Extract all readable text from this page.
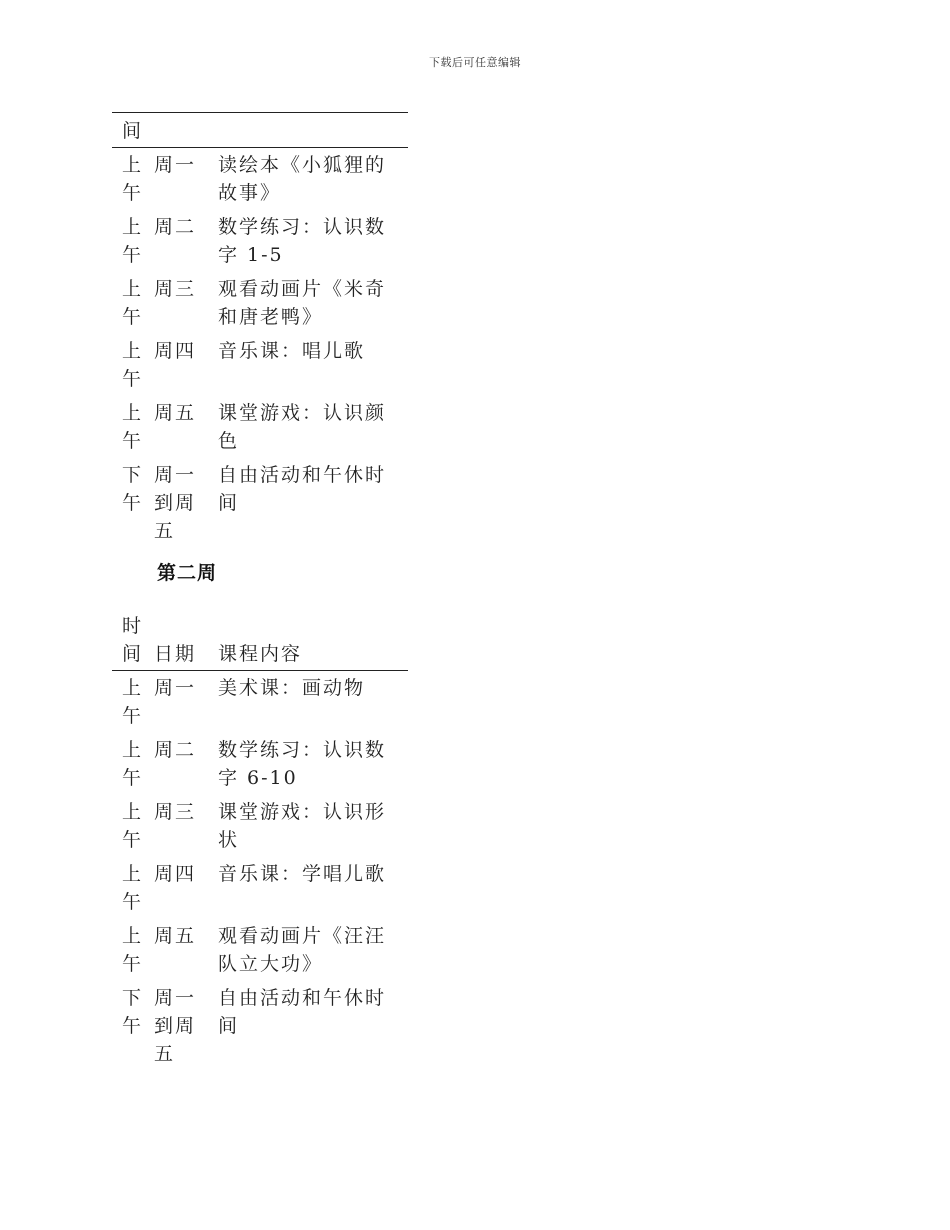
下载后可任意编辑
间		
上午	周一	读绘本《小狐狸的故事》
上午	周二	数学练习：认识数字 1-5
上午	周三	观看动画片《米奇和唐老鸭》
上午	周四	音乐课：唱儿歌
上午	周五	课堂游戏：认识颜色
下午	周一到周五	自由活动和午休时间
第二周
时间	日期	课程内容
上午	周一	美术课：画动物
上午	周二	数学练习：认识数字 6-10
上午	周三	课堂游戏：认识形状
上午	周四	音乐课：学唱儿歌
上午	周五	观看动画片《汪汪队立大功》
下午	周一到周五	自由活动和午休时间
